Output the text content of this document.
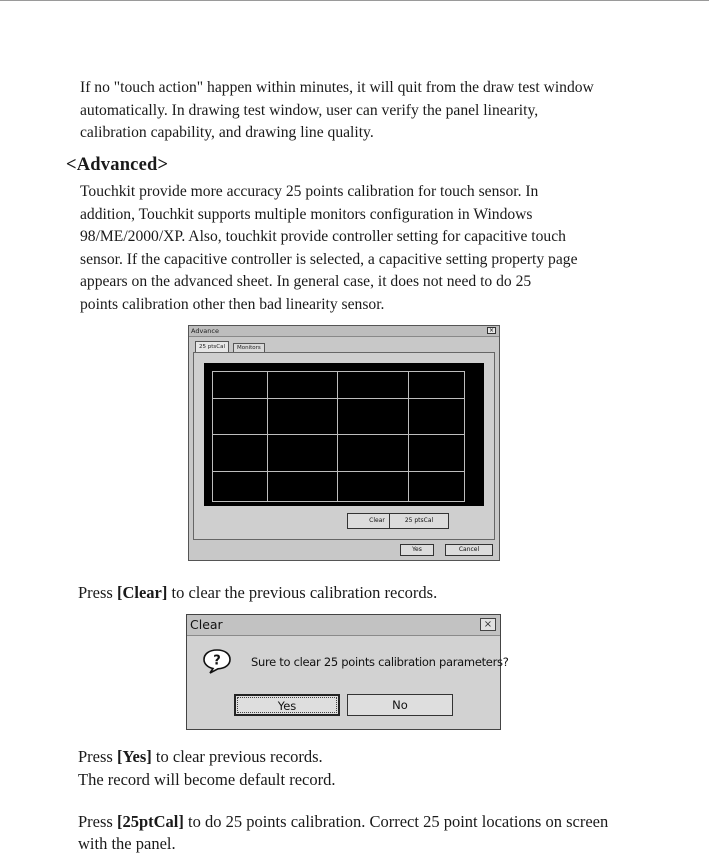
If no "touch action" happen within minutes, it will quit from the draw test window
automatically. In drawing test window, user can verify the panel linearity,
calibration capability, and drawing line quality.

<Advanced>

Touchkit provide more accuracy 25 points calibration for touch sensor. In
addition, Touchkit supports multiple monitors configuration in Windows
98/ME/2000/XP. Also, touchkit provide controller setting for capacitive touch
sensor. If the capacitive controller is selected, a capacitive setting property page
appears on the advanced sheet. In general case, it does not need to do 25
points calibration other then bad linearity sensor.

Advance	×
25 ptsCal	Monitors
Clear	25 ptsCal
Yes	Cancel
Press [Clear] to clear the previous calibration records.
Clear	×
?	Sure to clear 25 points calibration parameters?
Yes	No
Press [Yes] to clear previous records.
The record will become default record.
Press [25ptCal] to do 25 points calibration. Correct 25 point locations on screen
with the panel.
